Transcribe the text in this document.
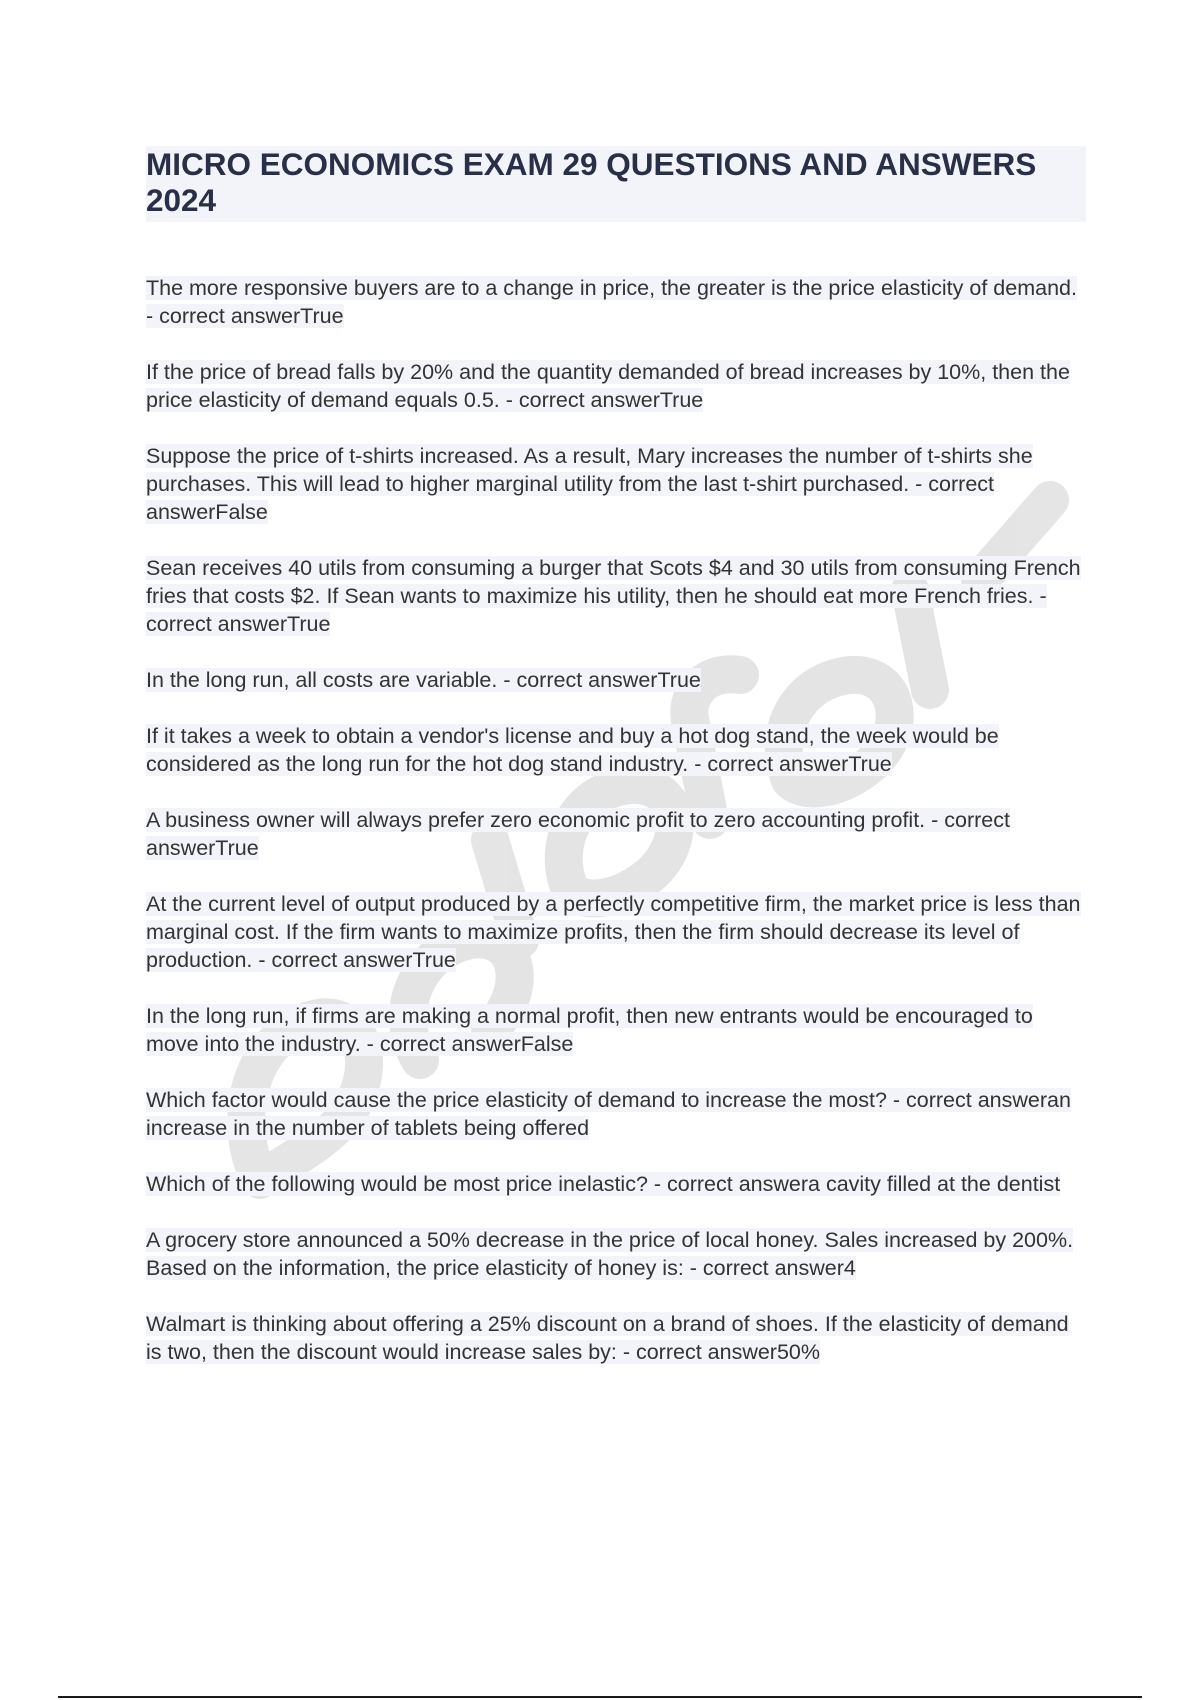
MICRO ECONOMICS EXAM 29 QUESTIONS AND ANSWERS 2024

The more responsive buyers are to a change in price, the greater is the price elasticity of demand. - correct answerTrue

If the price of bread falls by 20% and the quantity demanded of bread increases by 10%, then the price elasticity of demand equals 0.5. - correct answerTrue

Suppose the price of t-shirts increased. As a result, Mary increases the number of t-shirts she purchases. This will lead to higher marginal utility from the last t-shirt purchased. - correct answerFalse

Sean receives 40 utils from consuming a burger that Scots $4 and 30 utils from consuming French fries that costs $2. If Sean wants to maximize his utility, then he should eat more French fries. - correct answerTrue

In the long run, all costs are variable. - correct answerTrue

If it takes a week to obtain a vendor's license and buy a hot dog stand, the week would be considered as the long run for the hot dog stand industry. - correct answerTrue

A business owner will always prefer zero economic profit to zero accounting profit. - correct answerTrue

At the current level of output produced by a perfectly competitive firm, the market price is less than marginal cost. If the firm wants to maximize profits, then the firm should decrease its level of production. - correct answerTrue

In the long run, if firms are making a normal profit, then new entrants would be encouraged to move into the industry. - correct answerFalse

Which factor would cause the price elasticity of demand to increase the most? - correct answeran increase in the number of tablets being offered

Which of the following would be most price inelastic? - correct answera cavity filled at the dentist

A grocery store announced a 50% decrease in the price of local honey. Sales increased by 200%. Based on the information, the price elasticity of honey is: - correct answer4

Walmart is thinking about offering a 25% discount on a brand of shoes. If the elasticity of demand is two, then the discount would increase sales by: - correct answer50%
